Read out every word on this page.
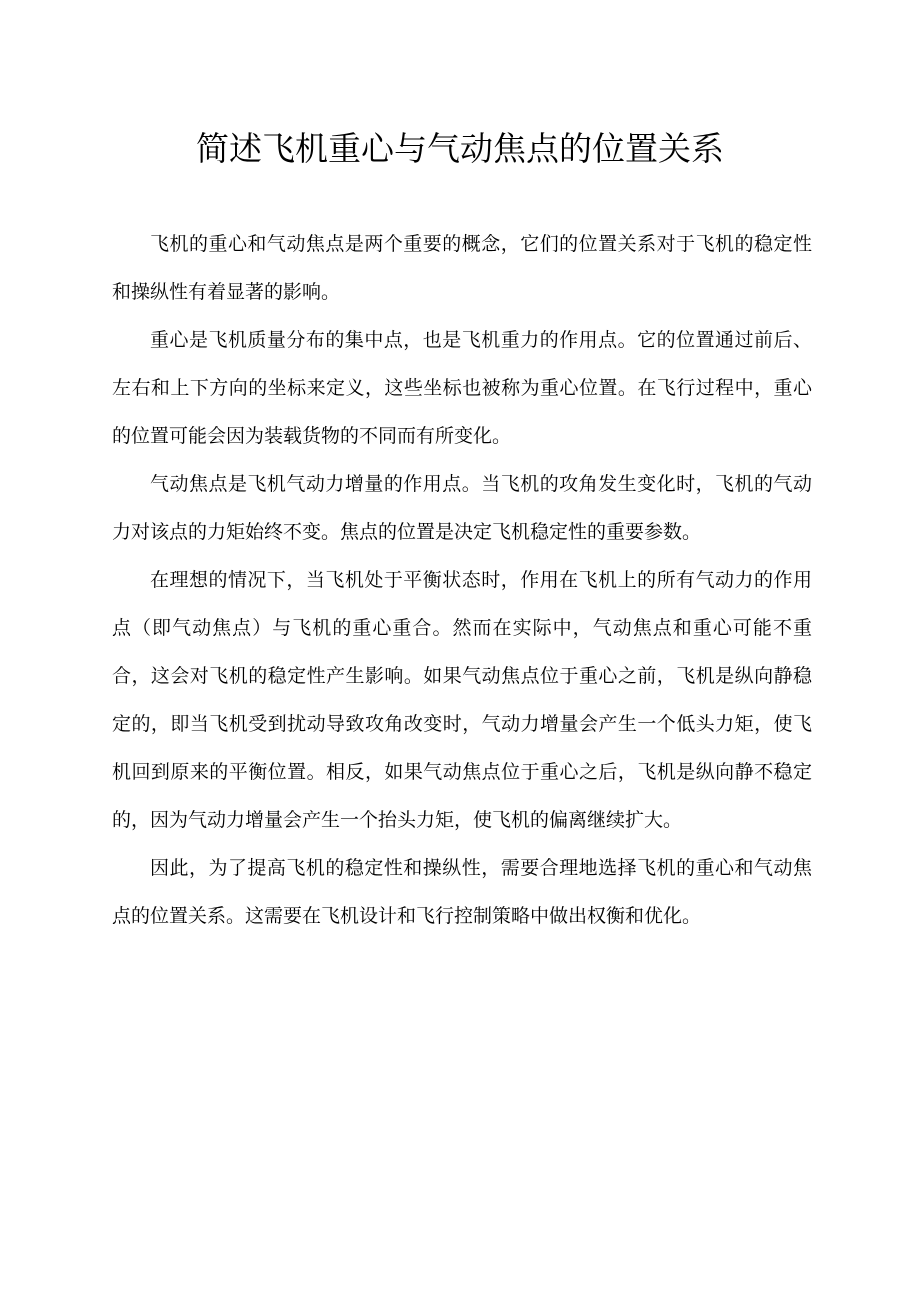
简述飞机重心与气动焦点的位置关系

飞机的重心和气动焦点是两个重要的概念，它们的位置关系对于飞机的稳定性和操纵性有着显著的影响。

重心是飞机质量分布的集中点，也是飞机重力的作用点。它的位置通过前后、左右和上下方向的坐标来定义，这些坐标也被称为重心位置。在飞行过程中，重心的位置可能会因为装载货物的不同而有所变化。

气动焦点是飞机气动力增量的作用点。当飞机的攻角发生变化时，飞机的气动力对该点的力矩始终不变。焦点的位置是决定飞机稳定性的重要参数。

在理想的情况下，当飞机处于平衡状态时，作用在飞机上的所有气动力的作用点（即气动焦点）与飞机的重心重合。然而在实际中，气动焦点和重心可能不重合，这会对飞机的稳定性产生影响。如果气动焦点位于重心之前，飞机是纵向静稳定的，即当飞机受到扰动导致攻角改变时，气动力增量会产生一个低头力矩，使飞机回到原来的平衡位置。相反，如果气动焦点位于重心之后，飞机是纵向静不稳定的，因为气动力增量会产生一个抬头力矩，使飞机的偏离继续扩大。

因此，为了提高飞机的稳定性和操纵性，需要合理地选择飞机的重心和气动焦点的位置关系。这需要在飞机设计和飞行控制策略中做出权衡和优化。
